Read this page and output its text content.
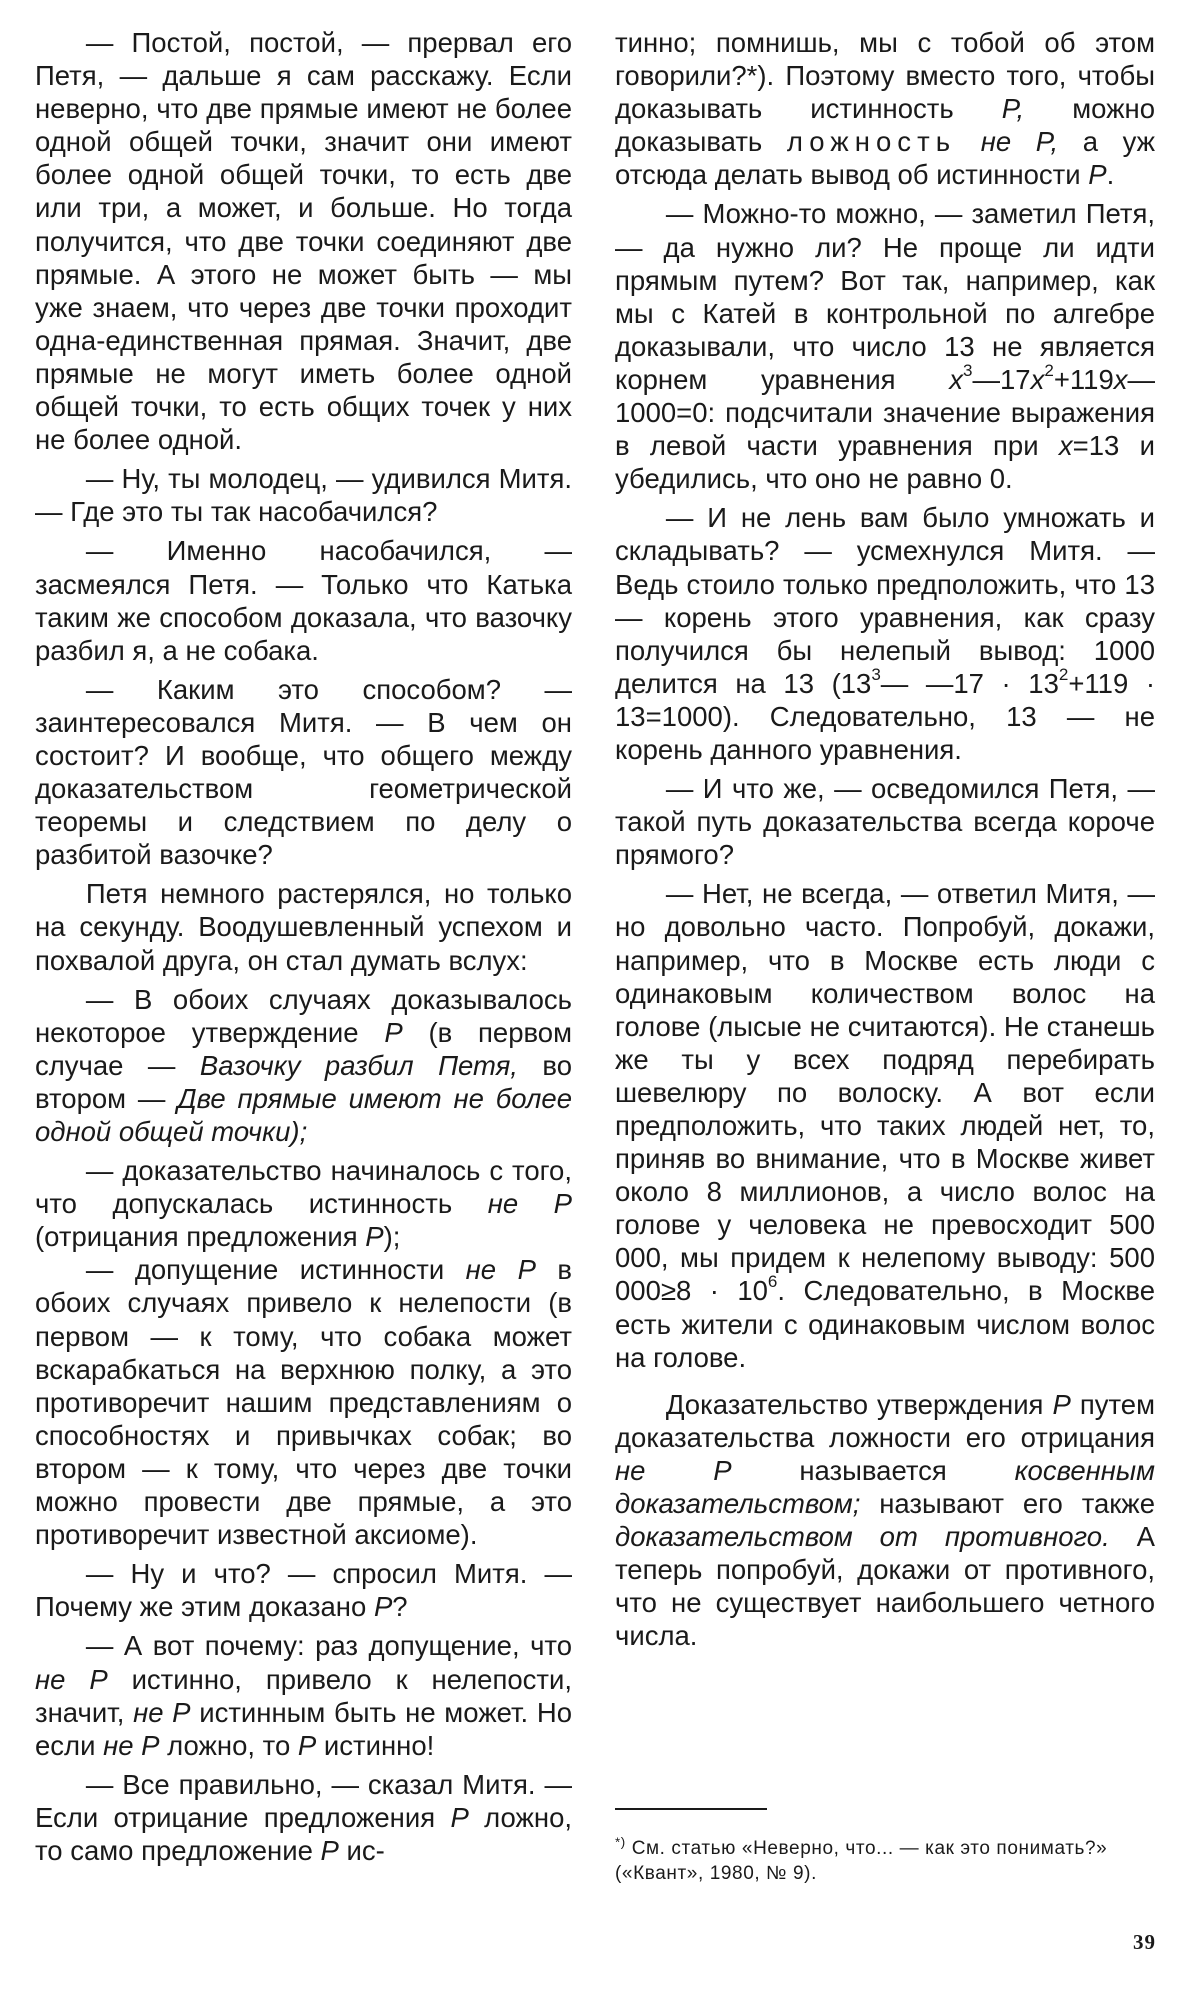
— Постой, постой, — прервал его Петя, — дальше я сам расскажу. Если неверно, что две прямые имеют не более одной общей точки, значит они имеют более одной общей точки, то есть две или три, а может, и больше. Но тогда получится, что две точки соединяют две прямые. А этого не может быть — мы уже знаем, что через две точки проходит одна-единственная прямая. Значит, две прямые не могут иметь более одной общей точки, то есть общих точек у них не более одной.

— Ну, ты молодец, — удивился Митя. — Где это ты так насобачился?

— Именно насобачился, — засмеялся Петя. — Только что Катька таким же способом доказала, что вазочку разбил я, а не собака.

— Каким это способом? — заинтересовался Митя. — В чем он состоит? И вообще, что общего между доказательством геометрической теоремы и следствием по делу о разбитой вазочке?

Петя немного растерялся, но только на секунду. Воодушевленный успехом и похвалой друга, он стал думать вслух:

— В обоих случаях доказывалось некоторое утверждение P (в первом случае — Вазочку разбил Петя, во втором — Две прямые имеют не более одной общей точки);

— доказательство начиналось с того, что допускалась истинность не P (отрицания предложения P);

— допущение истинности не P в обоих случаях привело к нелепости (в первом — к тому, что собака может вскарабкаться на верхнюю полку, а это противоречит нашим представлениям о способностях и привычках собак; во втором — к тому, что через две точки можно провести две прямые, а это противоречит известной аксиоме).

— Ну и что? — спросил Митя. — Почему же этим доказано P?

— А вот почему: раз допущение, что не P истинно, привело к нелепости, значит, не P истинным быть не может. Но если не P ложно, то P истинно!

— Все правильно, — сказал Митя. — Если отрицание предложения P ложно, то само предложение P ис-

тинно; помнишь, мы с тобой об этом говорили?*). Поэтому вместо того, чтобы доказывать истинность P, можно доказывать ложность не P, а уж отсюда делать вывод об истинности P.

— Можно-то можно, — заметил Петя, — да нужно ли? Не проще ли идти прямым путем? Вот так, например, как мы с Катей в контрольной по алгебре доказывали, что число 13 не является корнем уравнения $x^3—17x^2+119x—1000=0$: подсчитали значение выражения в левой части уравнения при x=13 и убедились, что оно не равно 0.

— И не лень вам было умножать и складывать? — усмехнулся Митя. — Ведь стоило только предположить, что 13 — корень этого уравнения, как сразу получился бы нелепый вывод: 1000 делится на 13 ($13^3—$ —17 · $13^2+119 \cdot 13=1000$). Следовательно, 13 — не корень данного уравнения.

— И что же, — осведомился Петя, — такой путь доказательства всегда короче прямого?

— Нет, не всегда, — ответил Митя, — но довольно часто. Попробуй, докажи, например, что в Москве есть люди с одинаковым количеством волос на голове (лысые не считаются). Не станешь же ты у всех подряд перебирать шевелюру по волоску. А вот если предположить, что таких людей нет, то, приняв во внимание, что в Москве живет около 8 миллионов, а число волос на голове у человека не превосходит 500 000, мы придем к нелепому выводу: 500 $000\ge 8 \cdot 10^6$. Следовательно, в Москве есть жители с одинаковым числом волос на голове.

Доказательство утверждения P путем доказательства ложности его отрицания не P называется косвенным доказательством; называют его также доказательством от противного. А теперь попробуй, докажи от противного, что не существует наибольшего четного числа.

*) См. статью «Неверно, что... — как это понимать?» («Квант», 1980, № 9).
39
